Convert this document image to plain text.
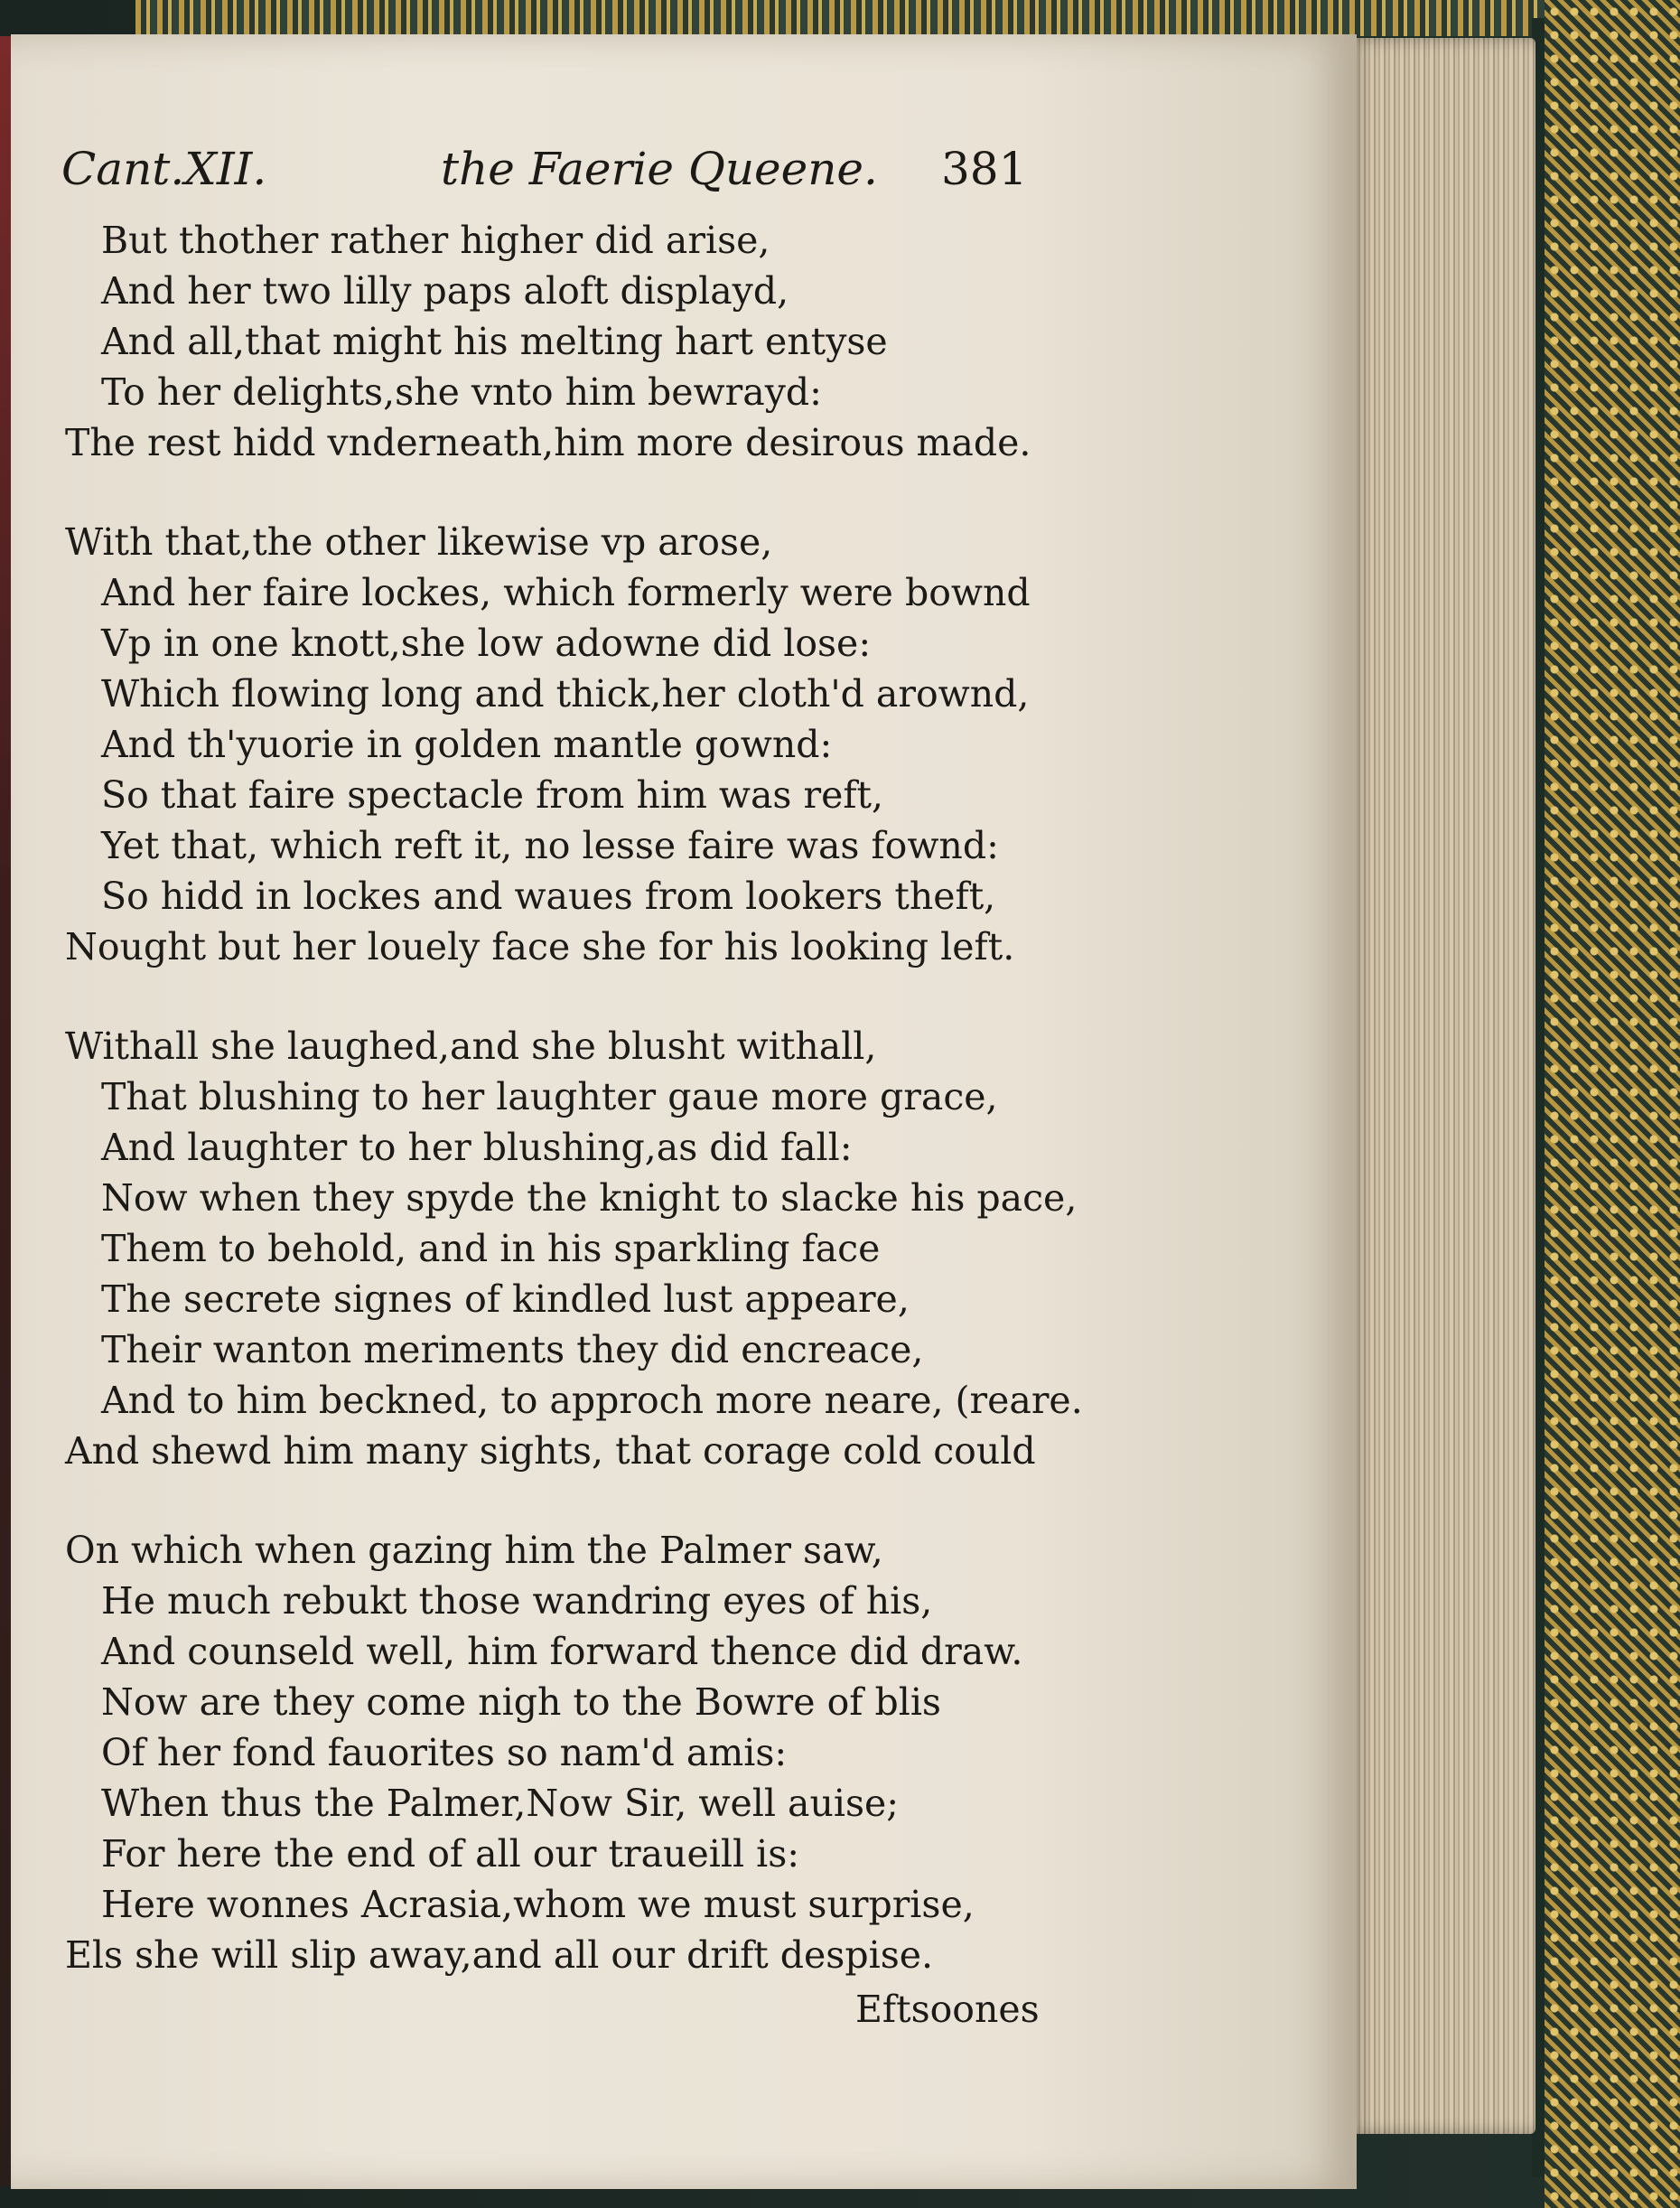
Cant.XII.	the Faerie Queene. 381
But thother rather higher did arise,
And her two lilly paps aloft displayd,
And all,that might his melting hart entyse
To her delights,she vnto him bewrayd:
The rest hidd vnderneath,him more desirous made.
With that,the other likewise vp arose,
And her faire lockes, which formerly were bownd
Vp in one knott,she low adowne did lose:
Which flowing long and thick,her cloth'd arownd,
And th'yuorie in golden mantle gownd:
So that faire spectacle from him was reft,
Yet that, which reft it, no lesse faire was fownd:
So hidd in lockes and waues from lookers theft,
Nought but her louely face she for his looking left.
Withall she laughed,and she blusht withall,
That blushing to her laughter gaue more grace,
And laughter to her blushing,as did fall:
Now when they spyde the knight to slacke his pace,
Them to behold, and in his sparkling face
The secrete signes of kindled lust appeare,
Their wanton meriments they did encreace,
And to him beckned, to approch more neare, (reare.
And shewd him many sights, that corage cold could
On which when gazing him the Palmer saw,
He much rebukt those wandring eyes of his,
And counseld well, him forward thence did draw.
Now are they come nigh to the Bowre of blis
Of her fond fauorites so nam'd amis:
When thus the Palmer,Now Sir, well auise;
For here the end of all our traueill is:
Here wonnes Acrasia,whom we must surprise,
Els she will slip away,and all our drift despise.
Eftsoones
